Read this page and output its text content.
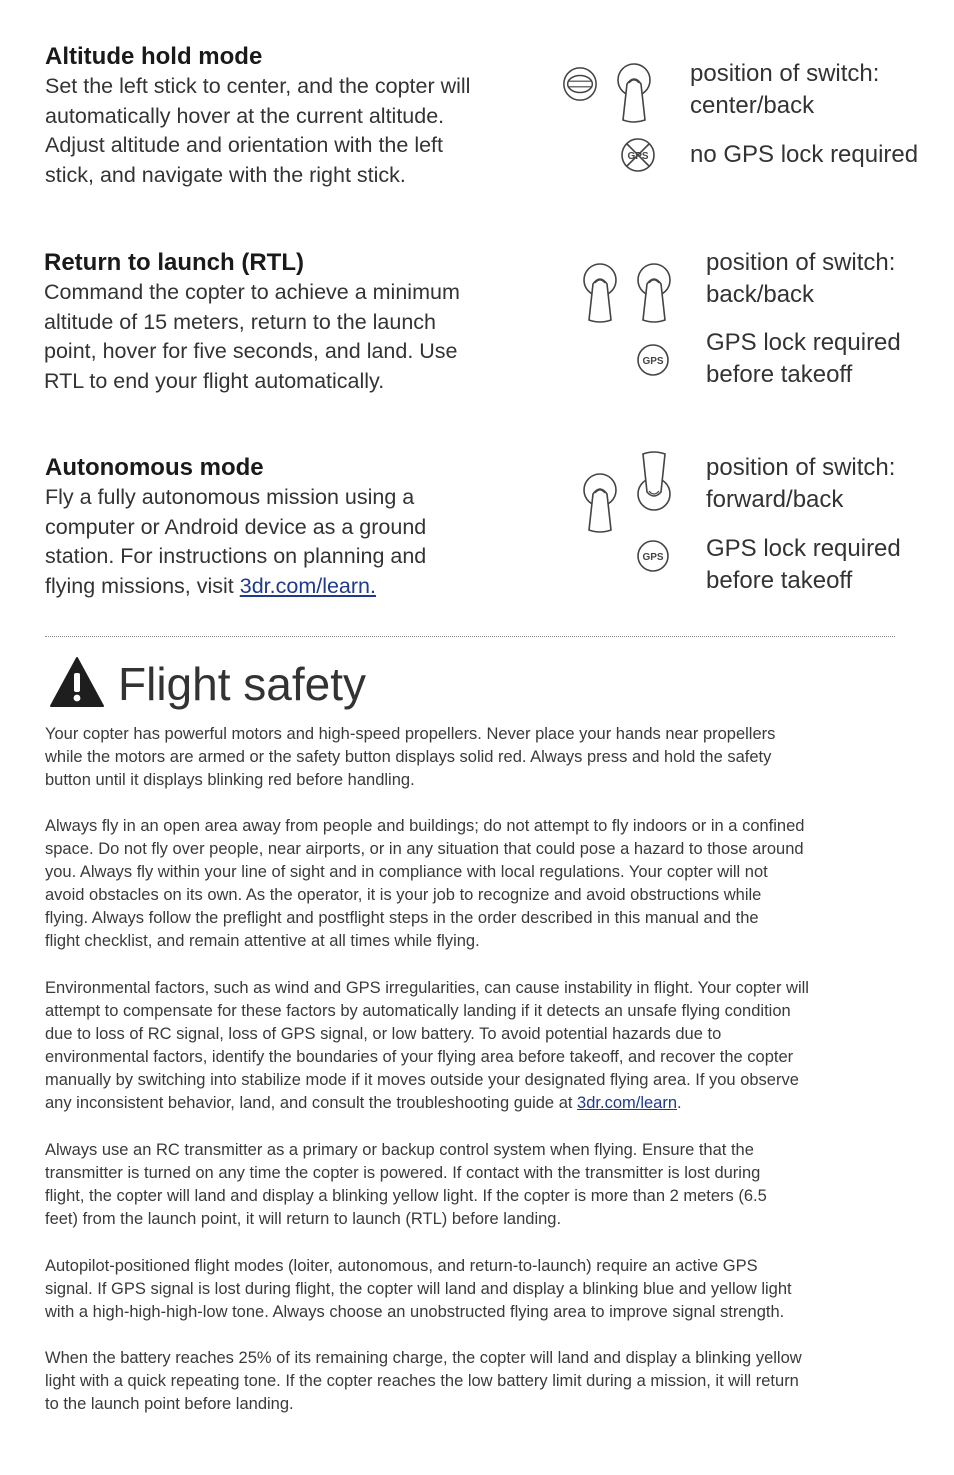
Altitude hold mode
Set the left stick to center, and the copter will
automatically hover at the current altitude.
Adjust altitude and orientation with the left
stick, and navigate with the right stick.
position of switch:
center/back
GPS no GPS lock required
Return to launch (RTL)
Command the copter to achieve a minimum
altitude of 15 meters, return to the launch
point, hover for five seconds, and land. Use
RTL to end your flight automatically.
position of switch:
back/back
GPS
GPS lock required
before takeoff
Autonomous mode
Fly a fully autonomous mission using a
computer or Android device as a ground
station. For instructions on planning and
flying missions, visit 3dr.com/learn.
position of switch:
forward/back
GPS GPS lock required
before takeoff
Flight safety
Your copter has powerful motors and high-speed propellers. Never place your hands near propellers
while the motors are armed or the safety button displays solid red. Always press and hold the safety
button until it displays blinking red before handling.
Always fly in an open area away from people and buildings; do not attempt to fly indoors or in a confined
space. Do not fly over people, near airports, or in any situation that could pose a hazard to those around
you. Always fly within your line of sight and in compliance with local regulations. Your copter will not
avoid obstacles on its own. As the operator, it is your job to recognize and avoid obstructions while
flying. Always follow the preflight and postflight steps in the order described in this manual and the
flight checklist, and remain attentive at all times while flying.
Environmental factors, such as wind and GPS irregularities, can cause instability in flight. Your copter will
attempt to compensate for these factors by automatically landing if it detects an unsafe flying condition
due to loss of RC signal, loss of GPS signal, or low battery. To avoid potential hazards due to
environmental factors, identify the boundaries of your flying area before takeoff, and recover the copter
manually by switching into stabilize mode if it moves outside your designated flying area. If you observe
any inconsistent behavior, land, and consult the troubleshooting guide at 3dr.com/learn.
Always use an RC transmitter as a primary or backup control system when flying. Ensure that the
transmitter is turned on any time the copter is powered. If contact with the transmitter is lost during
flight, the copter will land and display a blinking yellow light. If the copter is more than 2 meters (6.5
feet) from the launch point, it will return to launch (RTL) before landing.
Autopilot-positioned flight modes (loiter, autonomous, and return-to-launch) require an active GPS
signal. If GPS signal is lost during flight, the copter will land and display a blinking blue and yellow light
with a high-high-high-low tone. Always choose an unobstructed flying area to improve signal strength.
When the battery reaches 25% of its remaining charge, the copter will land and display a blinking yellow
light with a quick repeating tone. If the copter reaches the low battery limit during a mission, it will return
to the launch point before landing.
